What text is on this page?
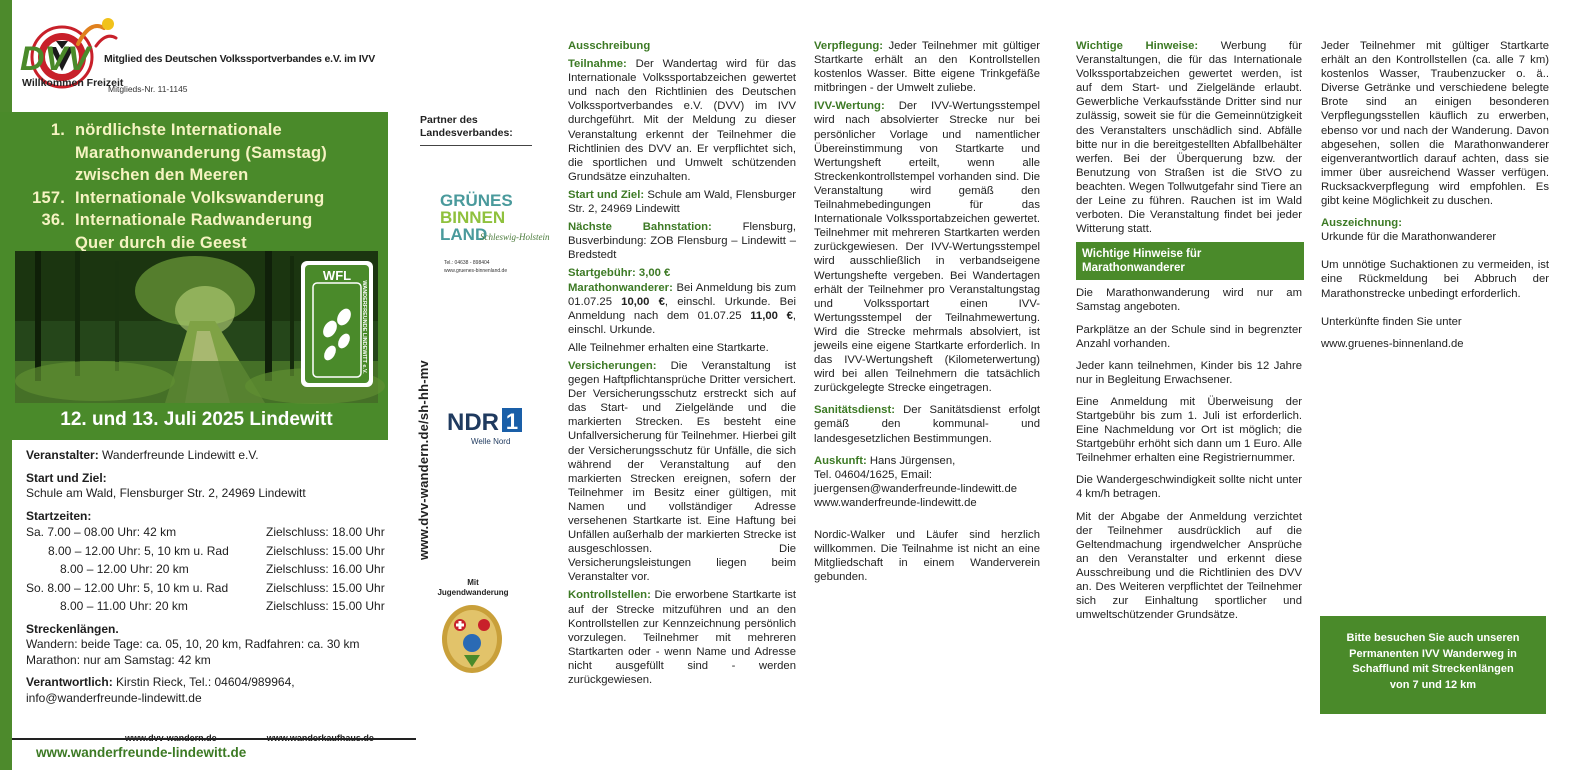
Mitglied des Deutschen Volkssportverbandes e.V. im IVV
Mitglieds-Nr. 11-1145
1. nördlichste Internationale
Marathonwanderung (Samstag)
zwischen den Meeren
157. Internationale Volkswanderung
36. Internationale Radwanderung
Quer durch die Geest
WFL
WANDERFREUNDE LINDEWITT e.V.
12. und 13. Juli 2025 Lindewitt
Veranstalter: Wanderfreunde Lindewitt e.V.
Start und Ziel:
Schule am Wald, Flensburger Str. 2, 24969 Lindewitt
Startzeiten:
Sa. 7.00 – 08.00 Uhr: 42 km	Zielschluss: 18.00 Uhr
8.00 – 12.00 Uhr: 5, 10 km u. Rad	Zielschluss: 15.00 Uhr
8.00 – 12.00 Uhr: 20 km	Zielschluss: 16.00 Uhr
So. 8.00 – 12.00 Uhr: 5, 10 km u. Rad	Zielschluss: 15.00 Uhr
8.00 – 11.00 Uhr: 20 km	Zielschluss: 15.00 Uhr
Streckenlängen.
Wandern: beide Tage: ca. 05, 10, 20 km, Radfahren: ca. 30 km
Marathon: nur am Samstag: 42 km
Verantwortlich: Kirstin Rieck, Tel.: 04604/989964,
info@wanderfreunde-lindewitt.de
www.dvv-wandern.de	www.wanderkaufhaus.de
www.wanderfreunde-lindewitt.de
DVV
Willkommen Freizeit
Partner des
Landesverbandes:
GRÜNES
BINNEN
LAND
Schleswig-Holstein
Tel.: 04638 - 898404
www.gruenes-binnenland.de
NDR 1
Welle Nord
www.dvv-wandern.de/sh-hh-mv
Mit
Jugendwanderung

Ausschreibung

Teilnahme: Der Wandertag wird für das Internationale Volkssportabzeichen gewertet und nach den Richtlinien des Deutschen Volkssportverbandes e.V. (DVV) im IVV durchgeführt. Mit der Meldung zu dieser Veranstaltung erkennt der Teilnehmer die Richtlinien des DVV an. Er verpflichtet sich, die sportlichen und Umwelt schützenden Grundsätze einzuhalten.

Start und Ziel: Schule am Wald, Flensburger Str. 2, 24969 Lindewitt

Nächste Bahnstation:	Flensburg, Busverbindung: ZOB Flensburg – Lindewitt – Bredstedt

Startgebühr: 3,00 €

Marathonwanderer: Bei Anmeldung bis zum 01.07.25 10,00 €, einschl. Urkunde. Bei Anmeldung nach dem 01.07.25 11,00 €, einschl. Urkunde.

Alle Teilnehmer erhalten eine Startkarte.

Versicherungen: Die Veranstaltung ist gegen Haftpflichtansprüche Dritter versichert. Der Versicherungsschutz erstreckt sich auf das Start- und Zielgelände und die markierten Strecken. Es besteht eine Unfallversicherung für Teilnehmer. Hierbei gilt der Versicherungsschutz für Unfälle, die sich während der Veranstaltung auf den markierten Strecken ereignen, sofern der Teilnehmer im Besitz einer gültigen, mit Namen und vollständiger Adresse versehenen Startkarte ist. Eine Haftung bei Unfällen außerhalb der markierten Strecke ist ausgeschlossen. Die Versicherungsleistungen liegen beim Veranstalter vor.

Kontrollstellen: Die erworbene Startkarte ist auf der Strecke mitzuführen und an den Kontrollstellen zur Kennzeichnung persönlich vorzulegen. Teilnehmer mit mehreren Startkarten oder - wenn Name und Adresse nicht ausgefüllt sind - werden zurückgewiesen.

Verpflegung: Jeder Teilnehmer mit gültiger Startkarte erhält an den Kontrollstellen kostenlos Wasser. Bitte eigene Trinkgefäße mitbringen - der Umwelt zuliebe.

IVV-Wertung: Der IVV-Wertungsstempel wird nach absolvierter Strecke nur bei persönlicher Vorlage und namentlicher Übereinstimmung von Startkarte und Wertungsheft erteilt, wenn alle Streckenkontrollstempel vorhanden sind. Die Veranstaltung wird gemäß den Teilnahmebedingungen für das Internationale Volkssportabzeichen gewertet. Teilnehmer mit mehreren Startkarten werden zurückgewiesen. Der IVV-Wertungsstempel wird ausschließlich in verbandseigene Wertungshefte vergeben. Bei Wandertagen erhält der Teilnehmer pro Veranstaltungstag und Volkssportart einen IVV-Wertungsstempel der Teilnahmewertung. Wird die Strecke mehrmals absolviert, ist jeweils eine eigene Startkarte erforderlich. In das IVV-Wertungsheft (Kilometerwertung) wird bei allen Teilnehmern die tatsächlich zurückgelegte Strecke eingetragen.

Sanitätsdienst: Der Sanitätsdienst erfolgt gemäß den kommunal- und landesgesetzlichen Bestimmungen.

Auskunft: Hans Jürgensen,
Tel. 04604/1625, Email:
juergensen@wanderfreunde-lindewitt.de
www.wanderfreunde-lindewitt.de

Nordic-Walker und Läufer sind herzlich willkommen. Die Teilnahme ist nicht an eine Mitgliedschaft in einem Wanderverein gebunden.

Wichtige Hinweise: Werbung für Veranstaltungen, die für das Internationale Volkssportabzeichen gewertet werden, ist auf dem Start- und Zielgelände erlaubt. Gewerbliche Verkaufsstände Dritter sind nur zulässig, soweit sie für die Gemeinnützigkeit des Veranstalters unschädlich sind. Abfälle bitte nur in die bereitgestellten Abfallbehälter werfen. Bei der Überquerung bzw. der Benutzung von Straßen ist die StVO zu beachten. Wegen Tollwutgefahr sind Tiere an der Leine zu führen. Rauchen ist im Wald verboten. Die Veranstaltung findet bei jeder Witterung statt.

Wichtige Hinweise für Marathonwanderer

Die Marathonwanderung wird nur am Samstag angeboten.

Parkplätze an der Schule sind in begrenzter Anzahl vorhanden.

Jeder kann teilnehmen, Kinder bis 12 Jahre nur in Begleitung Erwachsener.

Eine Anmeldung mit Überweisung der Startgebühr bis zum 1. Juli ist erforderlich. Eine Nachmeldung vor Ort ist möglich; die Startgebühr erhöht sich dann um 1 Euro. Alle Teilnehmer erhalten eine Registriernummer.

Die Wandergeschwindigkeit sollte nicht unter 4 km/h betragen.

Mit der Abgabe der Anmeldung verzichtet der Teilnehmer ausdrücklich auf die Geltendmachung irgendwelcher Ansprüche an den Veranstalter und erkennt diese Ausschreibung und die Richtlinien des DVV an. Des Weiteren verpflichtet der Teilnehmer sich zur Einhaltung sportlicher und umweltschützender Grundsätze.

Jeder Teilnehmer mit gültiger Startkarte erhält an den Kontrollstellen (ca. alle 7 km) kostenlos Wasser, Traubenzucker o. ä.. Diverse Getränke und verschiedene belegte Brote sind an einigen besonderen Verpflegungsstellen käuflich zu erwerben, ebenso vor und nach der Wanderung. Davon abgesehen, sollen die Marathonwanderer eigenverantwortlich darauf achten, dass sie immer über ausreichend Wasser verfügen. Rucksackverpflegung wird empfohlen. Es gibt keine Möglichkeit zu duschen.

Auszeichnung:
Urkunde für die Marathonwanderer

Um unnötige Suchaktionen zu vermeiden, ist eine Rückmeldung bei Abbruch der Marathonstrecke unbedingt erforderlich.

Unterkünfte finden Sie unter

www.gruenes-binnenland.de

Bitte besuchen Sie auch unseren
Permanenten IVV Wanderweg in
Schafflund mit Streckenlängen
von 7 und 12 km
